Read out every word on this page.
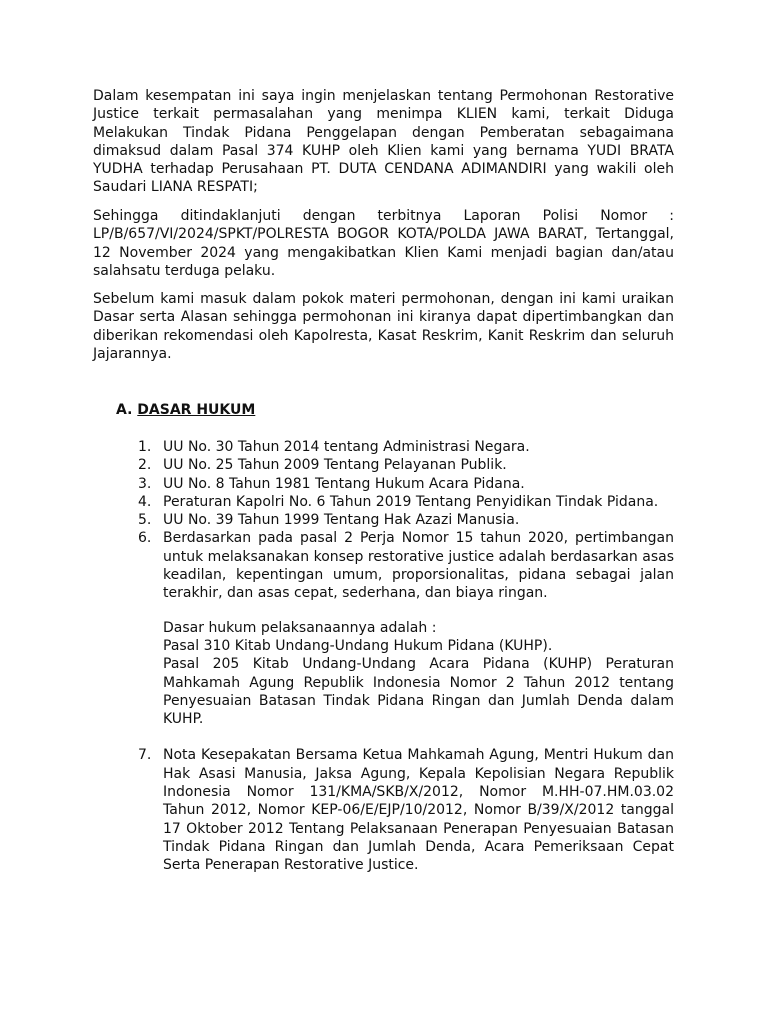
Dalam kesempatan ini saya ingin menjelaskan tentang Permohonan Restorative Justice terkait permasalahan yang menimpa KLIEN kami, terkait Diduga Melakukan Tindak Pidana Penggelapan dengan Pemberatan sebagaimana dimaksud dalam Pasal 374 KUHP oleh Klien kami yang bernama YUDI BRATA YUDHA terhadap Perusahaan PT. DUTA CENDANA ADIMANDIRI yang wakili oleh Saudari LIANA RESPATI;

Sehingga ditindaklanjuti dengan terbitnya Laporan Polisi Nomor : LP/B/657/VI/2024/SPKT/POLRESTA BOGOR KOTA/POLDA JAWA BARAT, Tertanggal, 12 November 2024 yang mengakibatkan Klien Kami menjadi bagian dan/atau salahsatu terduga pelaku.

Sebelum kami masuk dalam pokok materi permohonan, dengan ini kami uraikan Dasar serta Alasan sehingga permohonan ini kiranya dapat dipertimbangkan dan diberikan rekomendasi oleh Kapolresta, Kasat Reskrim, Kanit Reskrim dan seluruh Jajarannya.

A. DASAR HUKUM

1. UU No. 30 Tahun 2014 tentang Administrasi Negara.
2. UU No. 25 Tahun 2009 Tentang Pelayanan Publik.
3. UU No. 8 Tahun 1981 Tentang Hukum Acara Pidana.
4. Peraturan Kapolri No. 6 Tahun 2019 Tentang Penyidikan Tindak Pidana.
5. UU No. 39 Tahun 1999 Tentang Hak Azazi Manusia.
6. Berdasarkan pada pasal 2 Perja Nomor 15 tahun 2020, pertimbangan untuk melaksanakan konsep restorative justice adalah berdasarkan asas keadilan, kepentingan umum, proporsionalitas, pidana sebagai jalan terakhir, dan asas cepat, sederhana, dan biaya ringan.
Dasar hukum pelaksanaannya adalah :
Pasal 310 Kitab Undang-Undang Hukum Pidana (KUHP).
Pasal 205 Kitab Undang-Undang Acara Pidana (KUHP) Peraturan Mahkamah Agung Republik Indonesia Nomor 2 Tahun 2012 tentang Penyesuaian Batasan Tindak Pidana Ringan dan Jumlah Denda dalam KUHP.
7. Nota Kesepakatan Bersama Ketua Mahkamah Agung, Mentri Hukum dan Hak Asasi Manusia, Jaksa Agung, Kepala Kepolisian Negara Republik Indonesia Nomor 131/KMA/SKB/X/2012, Nomor M.HH-07.HM.03.02 Tahun 2012, Nomor KEP-06/E/EJP/10/2012, Nomor B/39/X/2012 tanggal 17 Oktober 2012 Tentang Pelaksanaan Penerapan Penyesuaian Batasan Tindak Pidana Ringan dan Jumlah Denda, Acara Pemeriksaan Cepat Serta Penerapan Restorative Justice.
